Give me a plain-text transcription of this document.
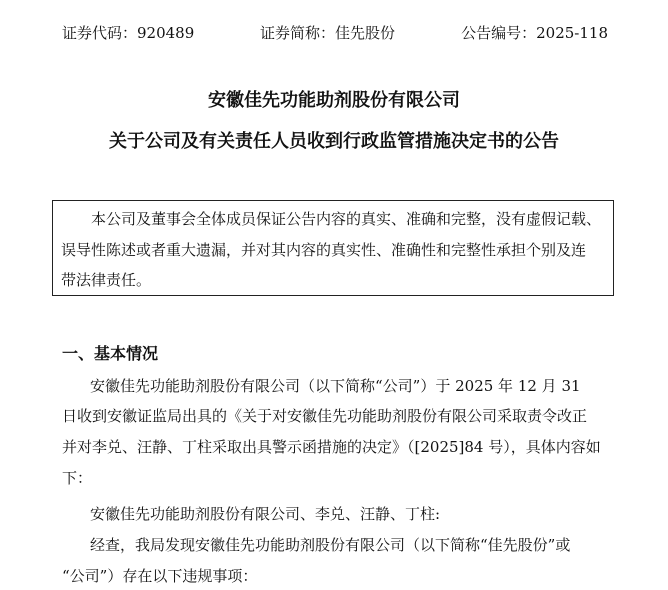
证券代码：920489	证券简称：佳先股份	公告编号：2025-118
安徽佳先功能助剂股份有限公司
关于公司及有关责任人员收到行政监管措施决定书的公告
本公司及董事会全体成员保证公告内容的真实、准确和完整，没有虚假记载、
误导性陈述或者重大遗漏，并对其内容的真实性、准确性和完整性承担个别及连
带法律责任。
一、基本情况
安徽佳先功能助剂股份有限公司（以下简称“公司”）于 2025 年 12 月 31
日收到安徽证监局出具的《关于对安徽佳先功能助剂股份有限公司采取责令改正
并对李兑、汪静、丁柱采取出具警示函措施的决定》（[2025]84 号），具体内容如
下：
安徽佳先功能助剂股份有限公司、李兑、汪静、丁柱:
经查，我局发现安徽佳先功能助剂股份有限公司（以下简称“佳先股份”或
“公司”）存在以下违规事项：
